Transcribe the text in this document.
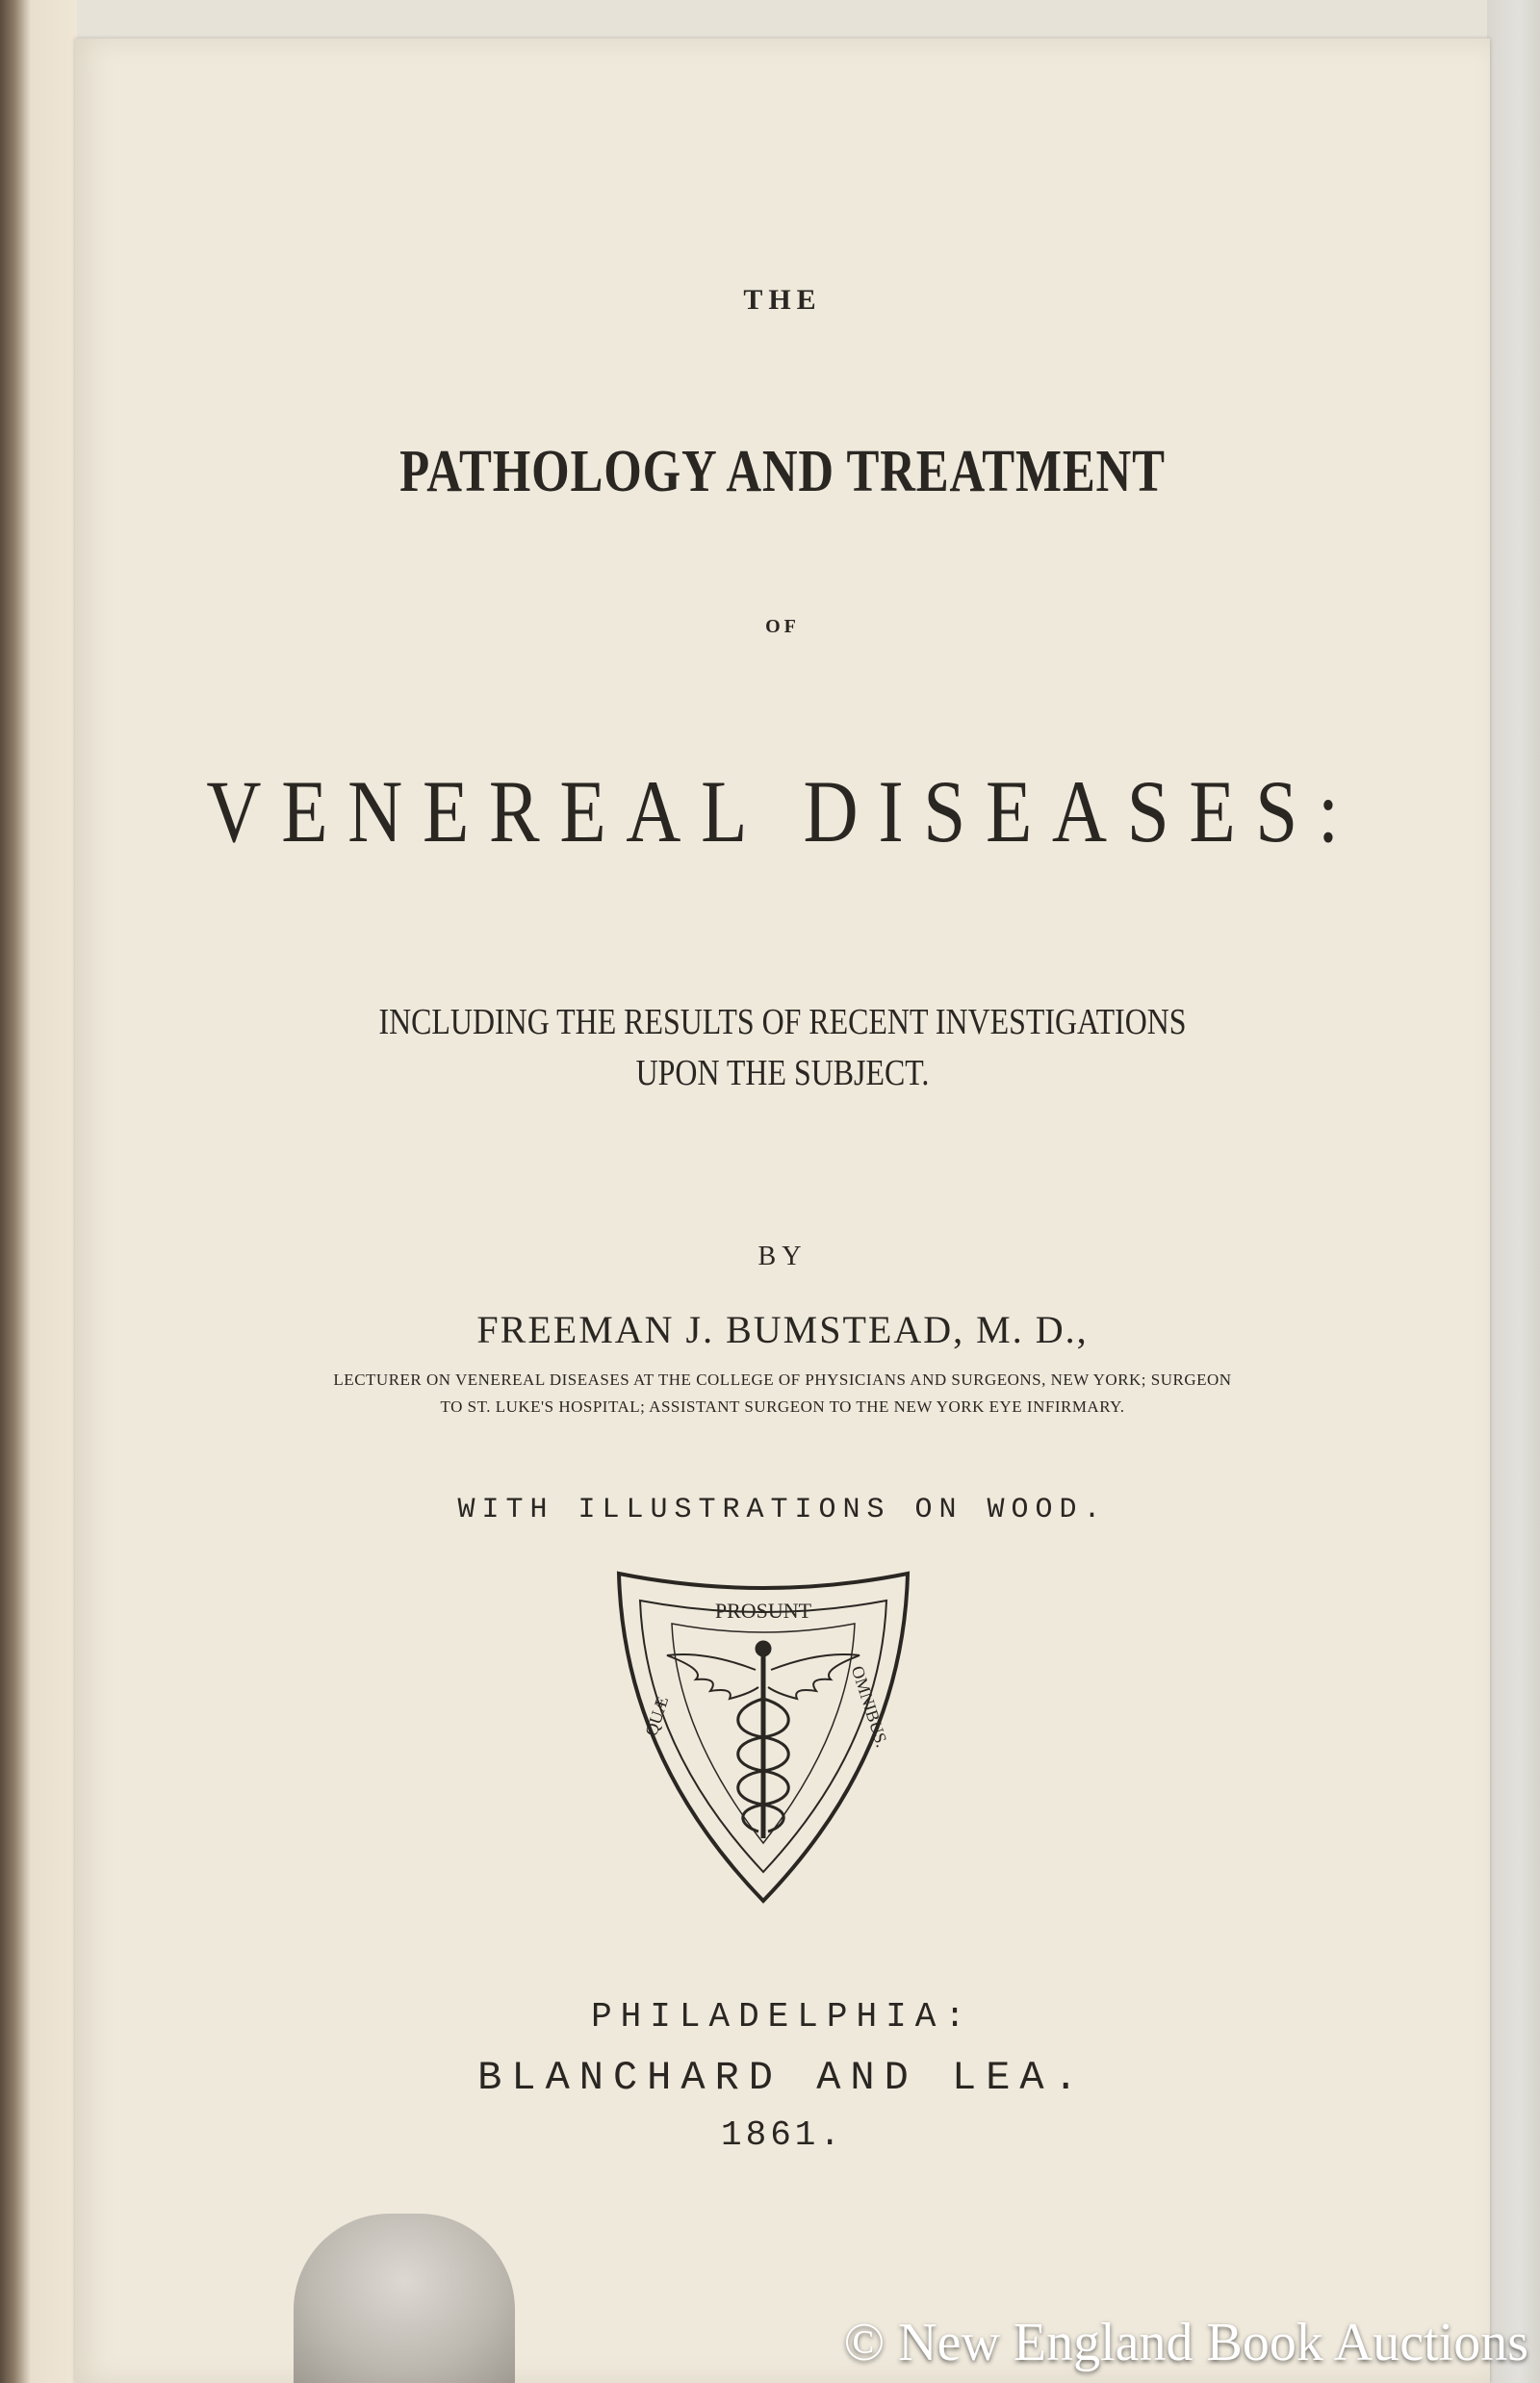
THE
PATHOLOGY AND TREATMENT
OF
VENEREAL DISEASES:
INCLUDING THE RESULTS OF RECENT INVESTIGATIONS
UPON THE SUBJECT.
BY
FREEMAN J. BUMSTEAD, M. D.,
LECTURER ON VENEREAL DISEASES AT THE COLLEGE OF PHYSICIANS AND SURGEONS, NEW YORK; SURGEON
TO ST. LUKE'S HOSPITAL; ASSISTANT SURGEON TO THE NEW YORK EYE INFIRMARY.
WITH ILLUSTRATIONS ON WOOD.
PROSUNT
QUÆ	OMNIBUS.
PHILADELPHIA:
BLANCHARD AND LEA.
1861.
© New England Book Auctions
